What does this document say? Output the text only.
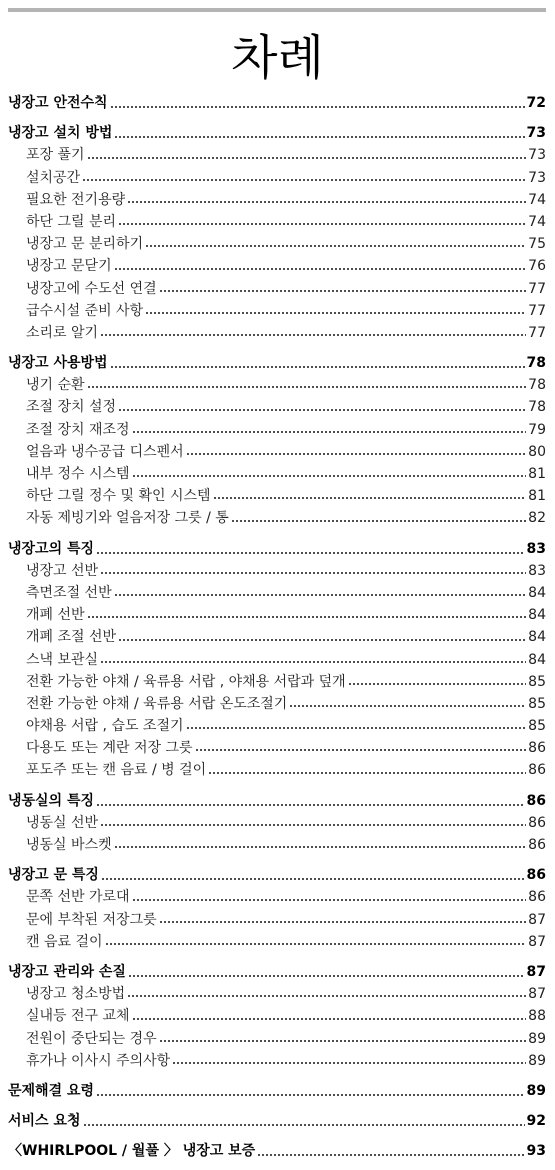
차례
냉장고 안전수칙	72
냉장고 설치 방법	73
포장 풀기	73
설치공간	73
필요한 전기용량	74
하단 그릴 분리	74
냉장고 문 분리하기	75
냉장고 문닫기	76
냉장고에 수도선 연결	77
급수시설 준비 사항	77
소리로 알기	77
냉장고 사용방법	78
냉기 순환	78
조절 장치 설정	78
조절 장치 재조정	79
얼음과 냉수공급 디스펜서	80
내부 정수 시스템	81
하단 그릴 정수 및 확인 시스템	81
자동 제빙기와 얼음저장 그릇 / 통	82
냉장고의 특징	83
냉장고 선반	83
측면조절 선반	84
개폐 선반	84
개폐 조절 선반	84
스낵 보관실	84
전환 가능한 야채 / 육류용 서랍 , 야채용 서랍과 덮개	85
전환 가능한 야채 / 육류용 서랍 온도조절기	85
야채용 서랍 , 습도 조절기	85
다용도 또는 계란 저장 그릇	86
포도주 또는 캔 음료 / 병 걸이	86
냉동실의 특징	86
냉동실 선반	86
냉동실 바스켓	86
냉장고 문 특징	86
문쪽 선반 가로대	86
문에 부착된 저장그릇	87
캔 음료 걸이	87
냉장고 관리와 손질	87
냉장고 청소방법	87
실내등 전구 교체	88
전원이 중단되는 경우	89
휴가나 이사시 주의사항	89
문제해결 요령	89
서비스 요청	92
〈WHIRLPOOL / 월풀 〉 냉장고 보증	93
